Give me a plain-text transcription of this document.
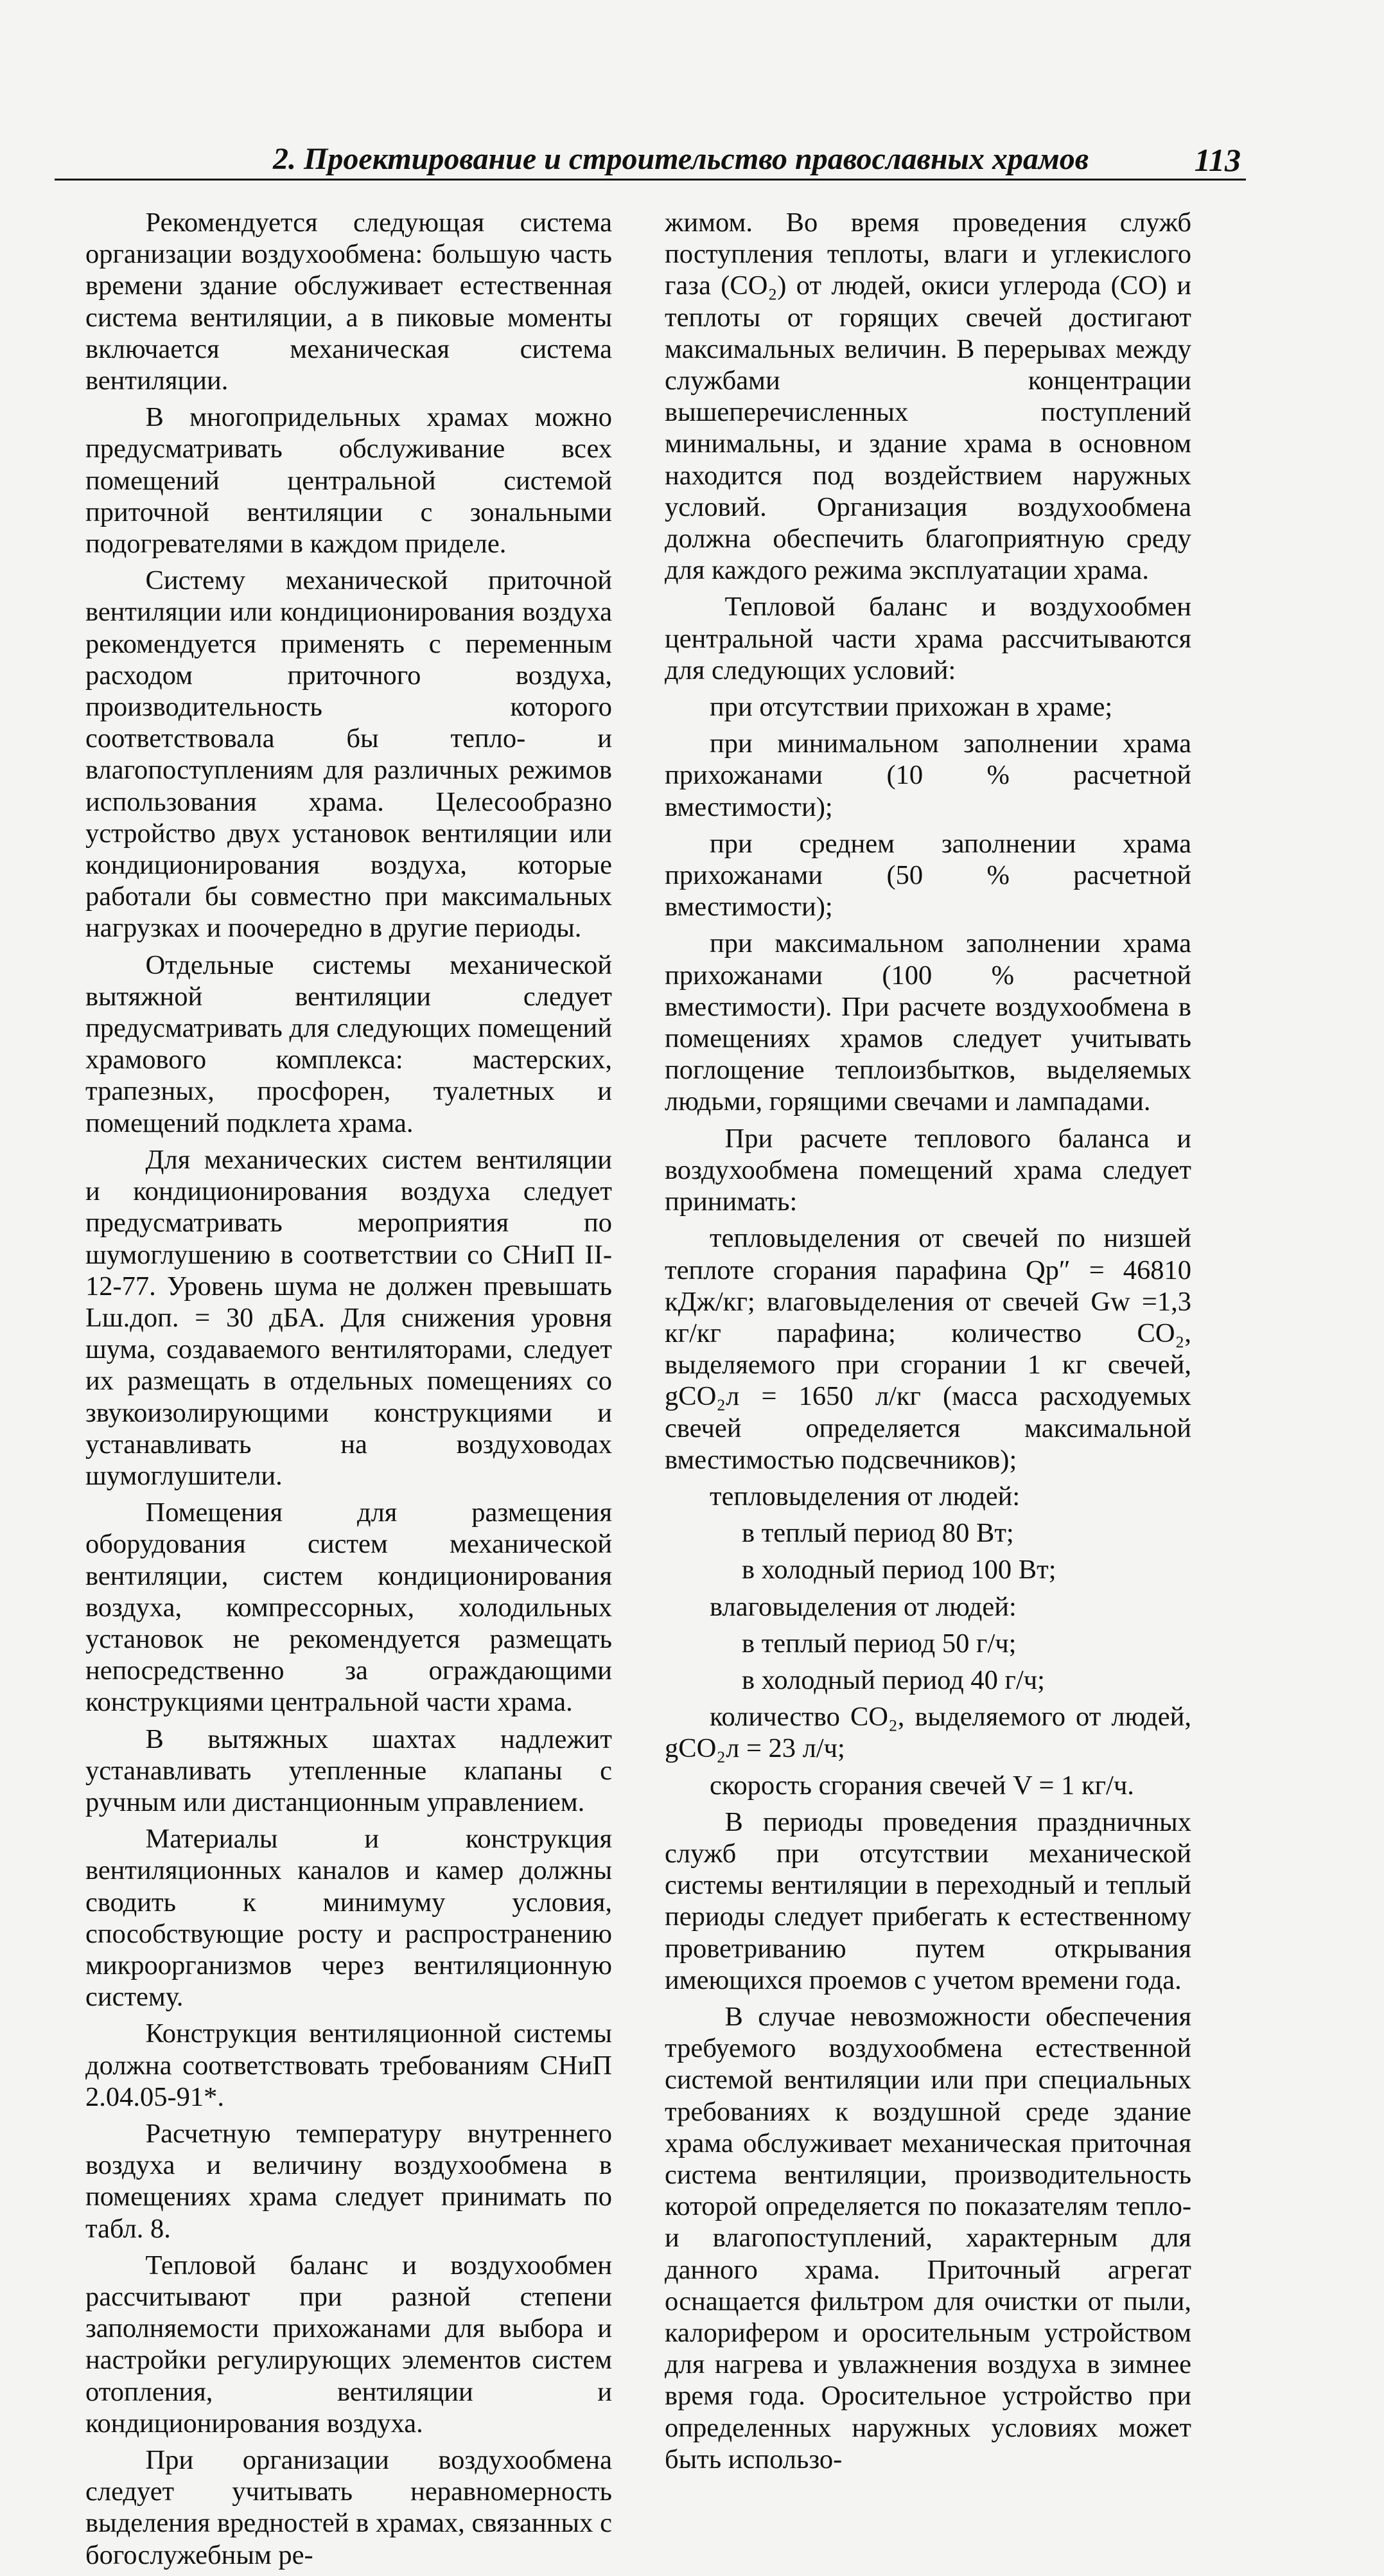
2. Проектирование и строительство православных храмов	113

Рекомендуется следующая система организации воздухообмена: большую часть времени здание обслуживает естественная система вентиляции, а в пиковые моменты включается механическая система вентиляции.

В многопридельных храмах можно предусматривать обслуживание всех помещений центральной системой приточной вентиляции с зональными подогревателями в каждом приделе.

Систему механической приточной вентиляции или кондиционирования воздуха рекомендуется применять с переменным расходом приточного воздуха, производительность которого соответствовала бы тепло- и влагопоступлениям для различных режимов использования храма. Целесообразно устройство двух установок вентиляции или кондиционирования воздуха, которые работали бы совместно при максимальных нагрузках и поочередно в другие периоды.

Отдельные системы механической вытяжной вентиляции следует предусматривать для следующих помещений храмового комплекса: мастерских, трапезных, просфорен, туалетных и помещений подклета храма.

Для механических систем вентиляции и кондиционирования воздуха следует предусматривать мероприятия по шумоглушению в соответствии со СНиП II-12-77. Уровень шума не должен превышать Lш.доп. = 30 дБА. Для снижения уровня шума, создаваемого вентиляторами, следует их размещать в отдельных помещениях со звукоизолирующими конструкциями и устанавливать на воздуховодах шумоглушители.

Помещения для размещения оборудования систем механической вентиляции, систем кондиционирования воздуха, компрессорных, холодильных установок не рекомендуется размещать непосредственно за ограждающими конструкциями центральной части храма.

В вытяжных шахтах надлежит устанавливать утепленные клапаны с ручным или дистанционным управлением.

Материалы и конструкция вентиляционных каналов и камер должны сводить к минимуму условия, способствующие росту и распространению микроорганизмов через вентиляционную систему.

Конструкция вентиляционной системы должна соответствовать требованиям СНиП 2.04.05-91*.

Расчетную температуру внутреннего воздуха и величину воздухообмена в помещениях храма следует принимать по табл. 8.

Тепловой баланс и воздухообмен рассчитывают при разной степени заполняемости прихожанами для выбора и настройки регулирующих элементов систем отопления, вентиляции и кондиционирования воздуха.

При организации воздухообмена следует учитывать неравномерность выделения вредностей в храмах, связанных с богослужебным ре-

жимом. Во время проведения служб поступления теплоты, влаги и углекислого газа (CO₂) от людей, окиси углерода (CO) и теплоты от горящих свечей достигают максимальных величин. В перерывах между службами концентрации вышеперечисленных поступлений минимальны, и здание храма в основном находится под воздействием наружных условий. Организация воздухообмена должна обеспечить благоприятную среду для каждого режима эксплуатации храма.

Тепловой баланс и воздухообмен центральной части храма рассчитываются для следующих условий:

при отсутствии прихожан в храме;

при минимальном заполнении храма прихожанами (10 % расчетной вместимости);

при среднем заполнении храма прихожанами (50 % расчетной вместимости);

при максимальном заполнении храма прихожанами (100 % расчетной вместимости). При расчете воздухообмена в помещениях храмов следует учитывать поглощение теплоизбытков, выделяемых людьми, горящими свечами и лампадами.

При расчете теплового баланса и воздухообмена помещений храма следует принимать:

тепловыделения от свечей по низшей теплоте сгорания парафина Qр″ = 46810 кДж/кг; влаговыделения от свечей Gw =1,3 кг/кг парафина; количество CO₂, выделяемого при сгорании 1 кг свечей, gCO₂л = 1650 л/кг (масса расходуемых свечей определяется максимальной вместимостью подсвечников);

тепловыделения от людей:

в теплый период 80 Вт;

в холодный период 100 Вт;

влаговыделения от людей:

в теплый период 50 г/ч;

в холодный период 40 г/ч;

количество CO₂, выделяемого от людей, gCO₂л = 23 л/ч;

скорость сгорания свечей V = 1 кг/ч.

В периоды проведения праздничных служб при отсутствии механической системы вентиляции в переходный и теплый периоды следует прибегать к естественному проветриванию путем открывания имеющихся проемов с учетом времени года.

В случае невозможности обеспечения требуемого воздухообмена естественной системой вентиляции или при специальных требованиях к воздушной среде здание храма обслуживает механическая приточная система вентиляции, производительность которой определяется по показателям тепло- и влагопоступлений, характерным для данного храма. Приточный агрегат оснащается фильтром для очистки от пыли, калорифером и оросительным устройством для нагрева и увлажнения воздуха в зимнее время года. Оросительное устройство при определенных наружных условиях может быть использо-
